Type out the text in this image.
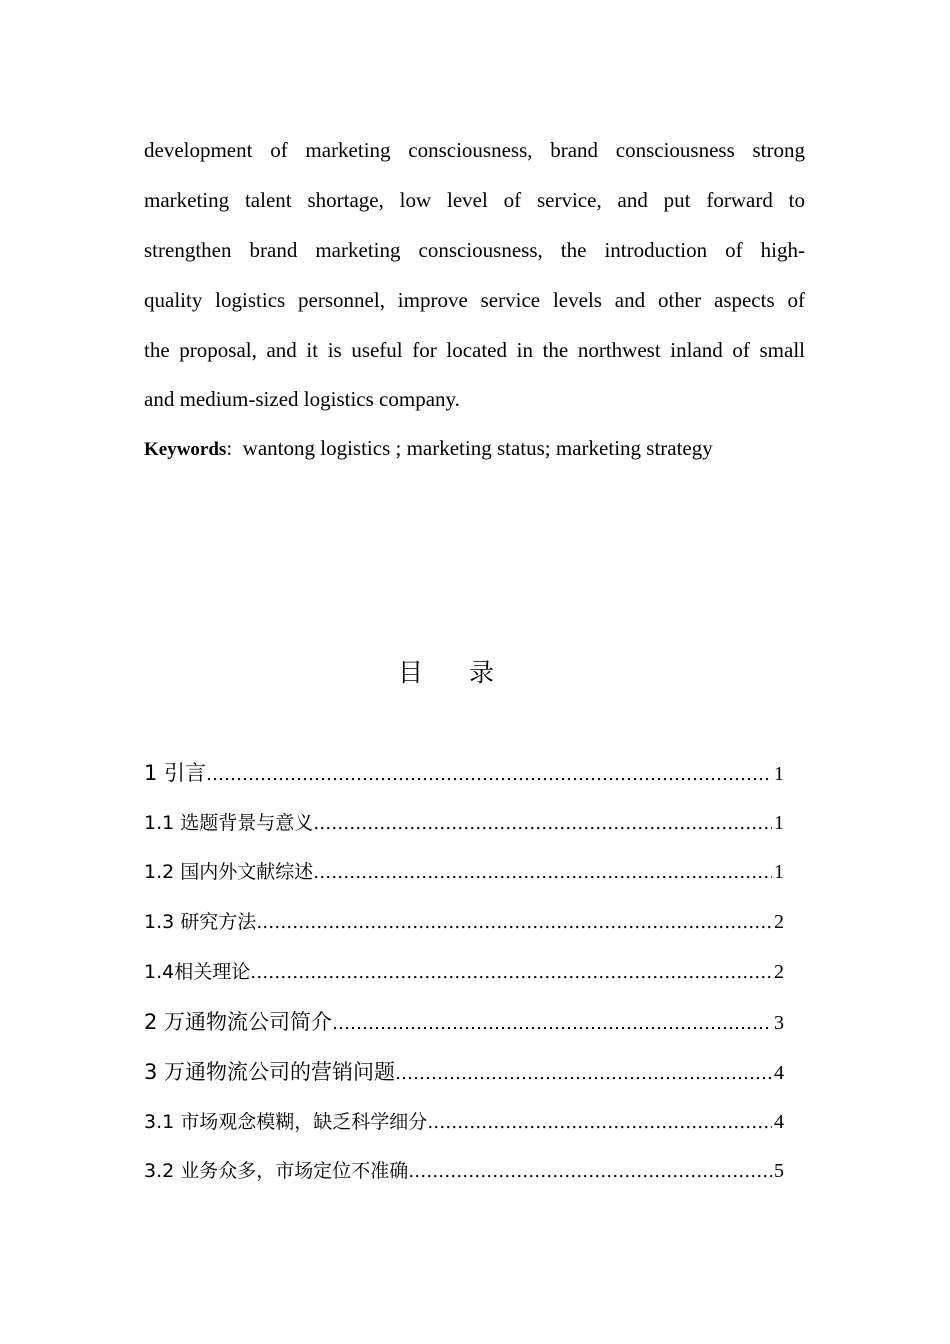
development of marketing consciousness, brand consciousness strong
marketing talent shortage, low level of service, and put forward to
strengthen brand marketing consciousness, the introduction of high-
quality logistics personnel, improve service levels and other aspects of
the proposal, and it is useful for located in the northwest inland of small
and medium-sized logistics company.
Keywords: wantong logistics ; marketing status; marketing strategy
目 录
1 引言 ……………………………………………………………………………………………………………………………………………………	1
1.1 选题背景与意义 ……………………………………………………………………………………………………………………………………………………	1
1.2 国内外文献综述 ……………………………………………………………………………………………………………………………………………………	1
1.3 研究方法 ……………………………………………………………………………………………………………………………………………………	2
1.4相关理论 ……………………………………………………………………………………………………………………………………………………	2
2 万通物流公司简介 ……………………………………………………………………………………………………………………………………………………	3
3 万通物流公司的营销问题 ……………………………………………………………………………………………………………………………………………………	4
3.1 市场观念模糊，缺乏科学细分 ……………………………………………………………………………………………………………………………………………………	4
3.2 业务众多，市场定位不准确 ……………………………………………………………………………………………………………………………………………………	5
